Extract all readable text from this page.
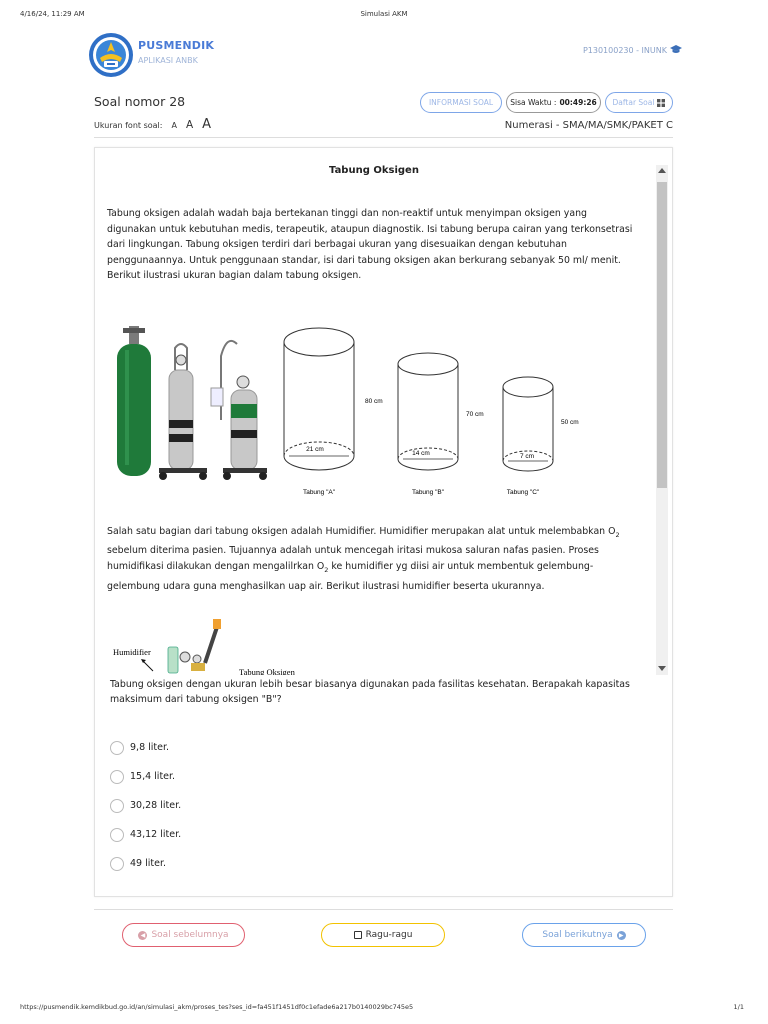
4/16/24, 11:29 AM	Simulasi AKM
PUSMENDIK
APLIKASI ANBK
P130100230 - INUNK
Soal nomor 28
Ukuran font soal: A A A
INFORMASI SOAL Sisa Waktu : 00:49:26 Daftar Soal
Numerasi - SMA/MA/SMK/PAKET C
Tabung Oksigen
Tabung oksigen adalah wadah baja bertekanan tinggi dan non-reaktif untuk menyimpan oksigen yang digunakan untuk kebutuhan medis, terapeutik, ataupun diagnostik. Isi tabung berupa cairan yang terkonsetrasi dari lingkungan. Tabung oksigen terdiri dari berbagai ukuran yang disesuaikan dengan kebutuhan penggunaannya. Untuk penggunaan standar, isi dari tabung oksigen akan berkurang sebanyak 50 ml/ menit. Berikut ilustrasi ukuran bagian dalam tabung oksigen.
21 cm
80 cm
Tabung "A"
14 cm
70 cm
Tabung "B"
7 cm
50 cm
Tabung "C"
Salah satu bagian dari tabung oksigen adalah Humidifier. Humidifier merupakan alat untuk melembabkan $O_2$ sebelum diterima pasien. Tujuannya adalah untuk mencegah iritasi mukosa saluran nafas pasien. Proses humidifikasi dilakukan dengan mengalilrkan $O_2$ ke humidifier yg diisi air untuk membentuk gelembung-gelembung udara guna menghasilkan uap air. Berikut ilustrasi humidifier beserta ukurannya.
Humidifier
Tabung Oksigen
Tabung oksigen dengan ukuran lebih besar biasanya digunakan pada fasilitas kesehatan. Berapakah kapasitas maksimum dari tabung oksigen "B"?
9,8 liter.
15,4 liter.
30,28 liter.
43,12 liter.
49 liter.
◀ Soal sebelumnya	Ragu-ragu	Soal berikutnya	▶
https://pusmendik.kemdikbud.go.id/an/simulasi_akm/proses_tes?ses_id=fa451f1451df0c1efade6a217b0140029bc745e5	1/1
